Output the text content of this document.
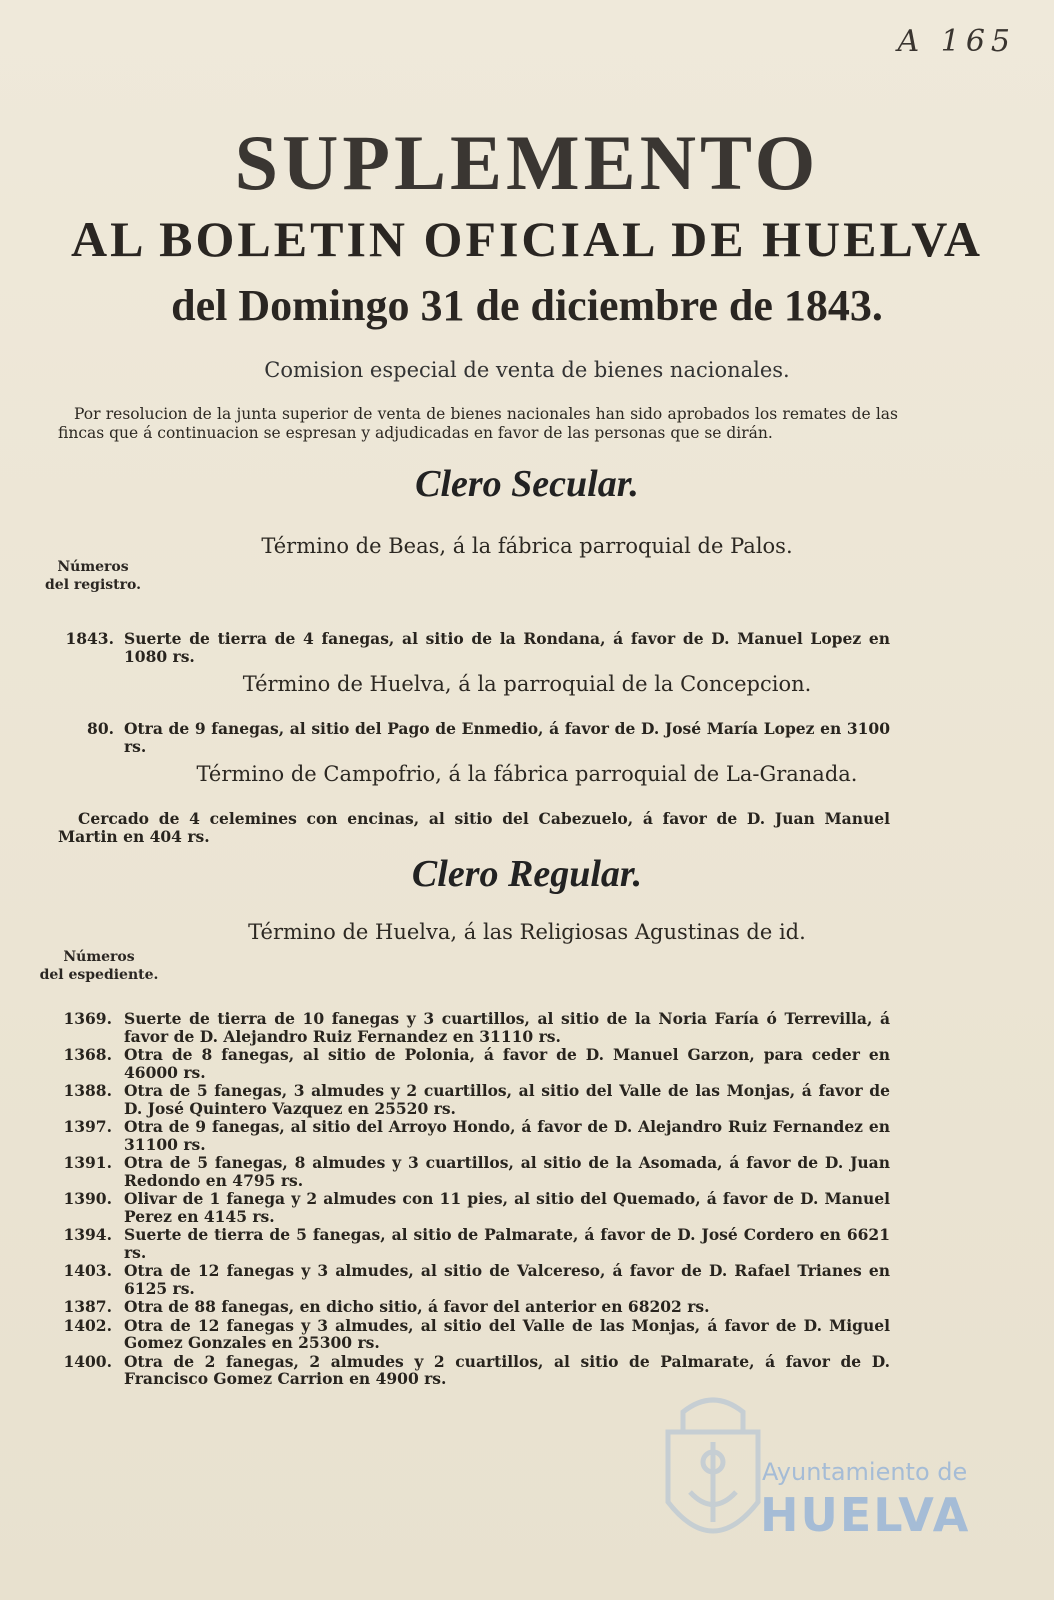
A 165
SUPLEMENTO
AL BOLETIN OFICIAL DE HUELVA
del Domingo 31 de diciembre de 1843.
Comision especial de venta de bienes nacionales.
Por resolucion de la junta superior de venta de bienes nacionales han sido aprobados los remates de las fincas que á continuacion se espresan y adjudicadas en favor de las personas que se dirán.
Clero Secular.
Término de Beas, á la fábrica parroquial de Palos.
Números
del registro.
1843. Suerte de tierra de 4 fanegas, al sitio de la Rondana, á favor de D. Manuel Lopez en 1080 rs.
Término de Huelva, á la parroquial de la Concepcion.
80. Otra de 9 fanegas, al sitio del Pago de Enmedio, á favor de D. José María Lopez en 3100 rs.
Término de Campofrio, á la fábrica parroquial de La-Granada.
Cercado de 4 celemines con encinas, al sitio del Cabezuelo, á favor de D. Juan Manuel Martin en 404 rs.
Clero Regular.
Término de Huelva, á las Religiosas Agustinas de id.
Números
del espediente.
1369. Suerte de tierra de 10 fanegas y 3 cuartillos, al sitio de la Noria Faría ó Terrevilla, á favor de D. Alejandro Ruiz Fernandez en 31110 rs.
1368. Otra de 8 fanegas, al sitio de Polonia, á favor de D. Manuel Garzon, para ceder en 46000 rs.
1388. Otra de 5 fanegas, 3 almudes y 2 cuartillos, al sitio del Valle de las Monjas, á favor de D. José Quintero Vazquez en 25520 rs.
1397. Otra de 9 fanegas, al sitio del Arroyo Hondo, á favor de D. Alejandro Ruiz Fernandez en 31100 rs.
1391. Otra de 5 fanegas, 8 almudes y 3 cuartillos, al sitio de la Asomada, á favor de D. Juan Redondo en 4795 rs.
1390. Olivar de 1 fanega y 2 almudes con 11 pies, al sitio del Quemado, á favor de D. Manuel Perez en 4145 rs.
1394. Suerte de tierra de 5 fanegas, al sitio de Palmarate, á favor de D. José Cordero en 6621 rs.
1403. Otra de 12 fanegas y 3 almudes, al sitio de Valcereso, á favor de D. Rafael Trianes en 6125 rs.
1387. Otra de 88 fanegas, en dicho sitio, á favor del anterior en 68202 rs.
1402. Otra de 12 fanegas y 3 almudes, al sitio del Valle de las Monjas, á favor de D. Miguel Gomez Gonzales en 25300 rs.
1400. Otra de 2 fanegas, 2 almudes y 2 cuartillos, al sitio de Palmarate, á favor de D. Francisco Gomez Carrion en 4900 rs.
Ayuntamiento de
HUELVA
